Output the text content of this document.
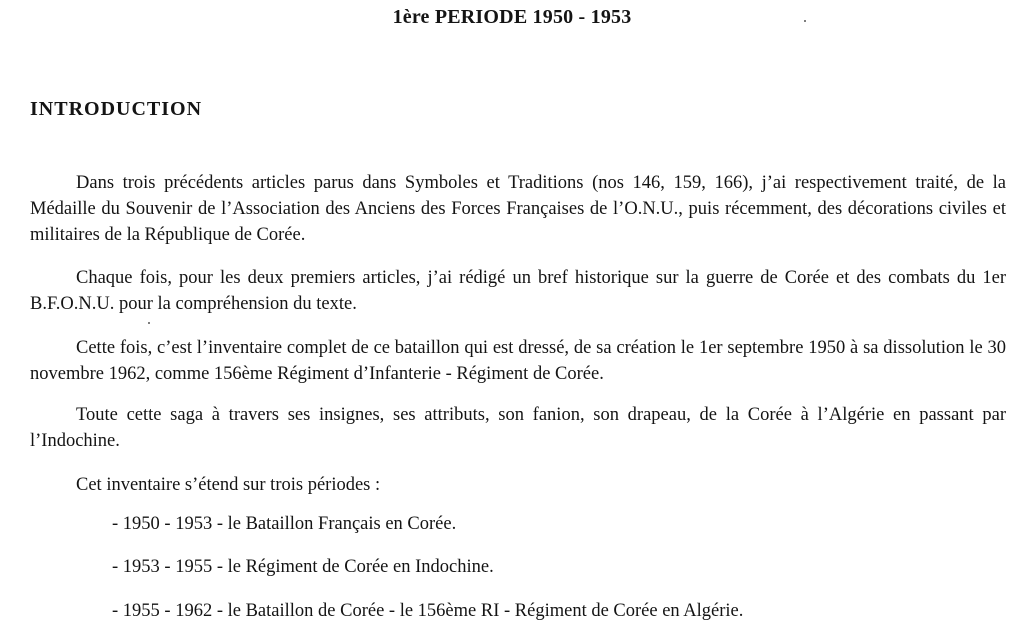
1ère PERIODE 1950 - 1953
INTRODUCTION

Dans trois précédents articles parus dans Symboles et Traditions (nos 146, 159, 166), j’ai respectivement traité, de la Médaille du Souvenir de l’Association des Anciens des Forces Françaises de l’O.N.U., puis récemment, des décorations civiles et militaires de la République de Corée.

Chaque fois, pour les deux premiers articles, j’ai rédigé un bref historique sur la guerre de Corée et des combats du 1er B.F.O.N.U. pour la compréhension du texte.

Cette fois, c’est l’inventaire complet de ce bataillon qui est dressé, de sa création le 1er septembre 1950 à sa dissolution le 30 novembre 1962, comme 156ème Régiment d’Infanterie - Régiment de Corée.

Toute cette saga à travers ses insignes, ses attributs, son fanion, son drapeau, de la Corée à l’Algérie en passant par l’Indochine.

Cet inventaire s’étend sur trois périodes :

- 1950 - 1953 - le Bataillon Français en Corée.
- 1953 - 1955 - le Régiment de Corée en Indochine.
- 1955 - 1962 - le Bataillon de Corée - le 156ème RI - Régiment de Corée en Algérie.
